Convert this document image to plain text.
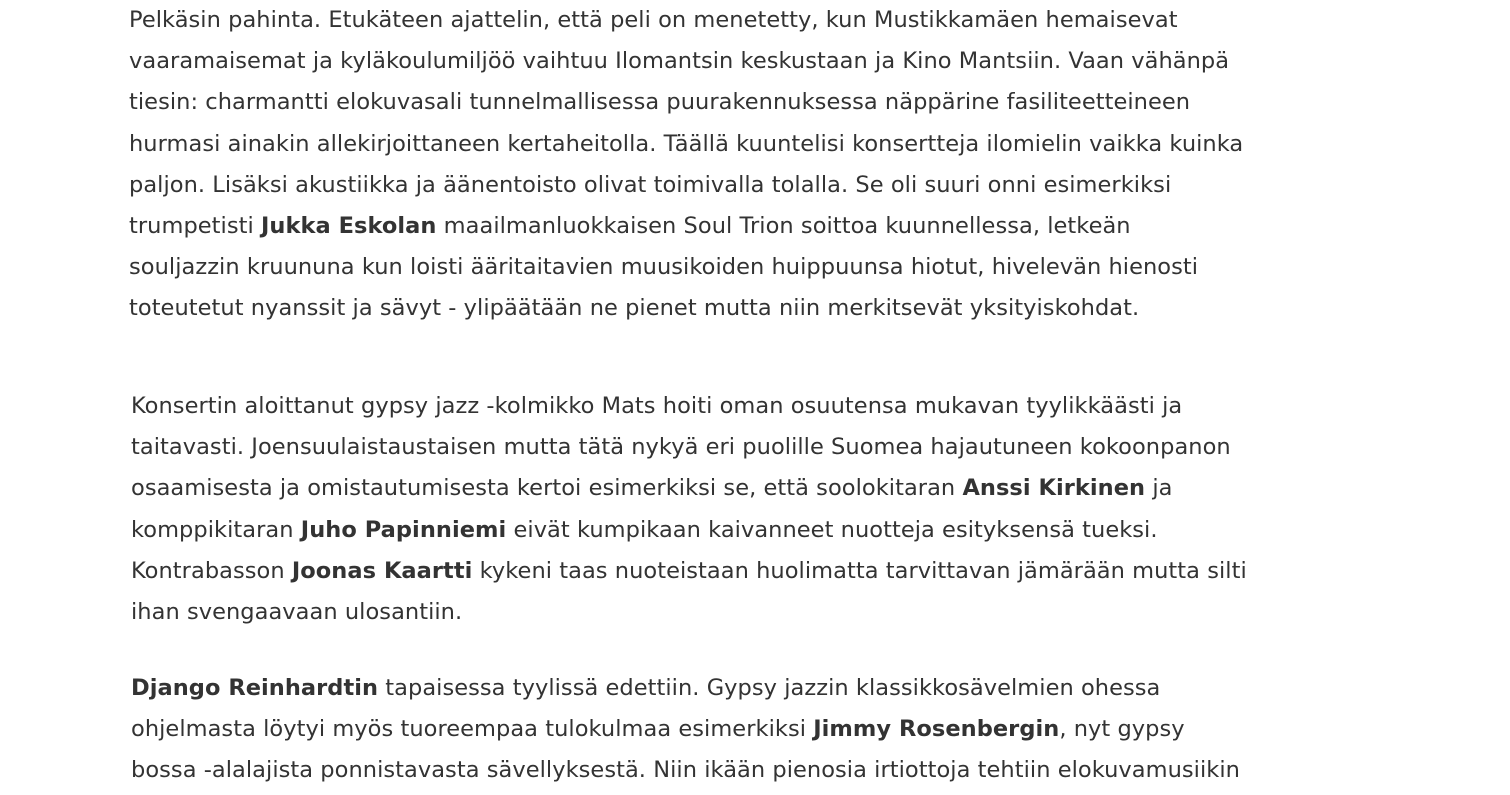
Pelkäsin pahinta. Etukäteen ajattelin, että peli on menetetty, kun Mustikkamäen hemaisevat
vaaramaisemat ja kyläkoulumiljöö vaihtuu Ilomantsin keskustaan ja Kino Mantsiin. Vaan vähänpä
tiesin: charmantti elokuvasali tunnelmallisessa puurakennuksessa näppärine fasiliteetteineen
hurmasi ainakin allekirjoittaneen kertaheitolla. Täällä kuuntelisi konsertteja ilomielin vaikka kuinka
paljon. Lisäksi akustiikka ja äänentoisto olivat toimivalla tolalla. Se oli suuri onni esimerkiksi
trumpetisti Jukka Eskolan maailmanluokkaisen Soul Trion soittoa kuunnellessa, letkeän
souljazzin kruununa kun loisti ääritaitavien muusikoiden huippuunsa hiotut, hivelevän hienosti
toteutetut nyanssit ja sävyt - ylipäätään ne pienet mutta niin merkitsevät yksityiskohdat.

Konsertin aloittanut gypsy jazz -kolmikko Mats hoiti oman osuutensa mukavan tyylikkäästi ja
taitavasti. Joensuulaistaustaisen mutta tätä nykyä eri puolille Suomea hajautuneen kokoonpanon
osaamisesta ja omistautumisesta kertoi esimerkiksi se, että soolokitaran Anssi Kirkinen ja
komppikitaran Juho Papinniemi eivät kumpikaan kaivanneet nuotteja esityksensä tueksi.
Kontrabasson Joonas Kaartti kykeni taas nuoteistaan huolimatta tarvittavan jämärään mutta silti
ihan svengaavaan ulosantiin.

Django Reinhardtin tapaisessa tyylissä edettiin. Gypsy jazzin klassikkosävelmien ohessa
ohjelmasta löytyi myös tuoreempaa tulokulmaa esimerkiksi Jimmy Rosenbergin, nyt gypsy
bossa -alalajista ponnistavasta sävellyksestä. Niin ikään pienosia irtiottoja tehtiin elokuvamusiikin
